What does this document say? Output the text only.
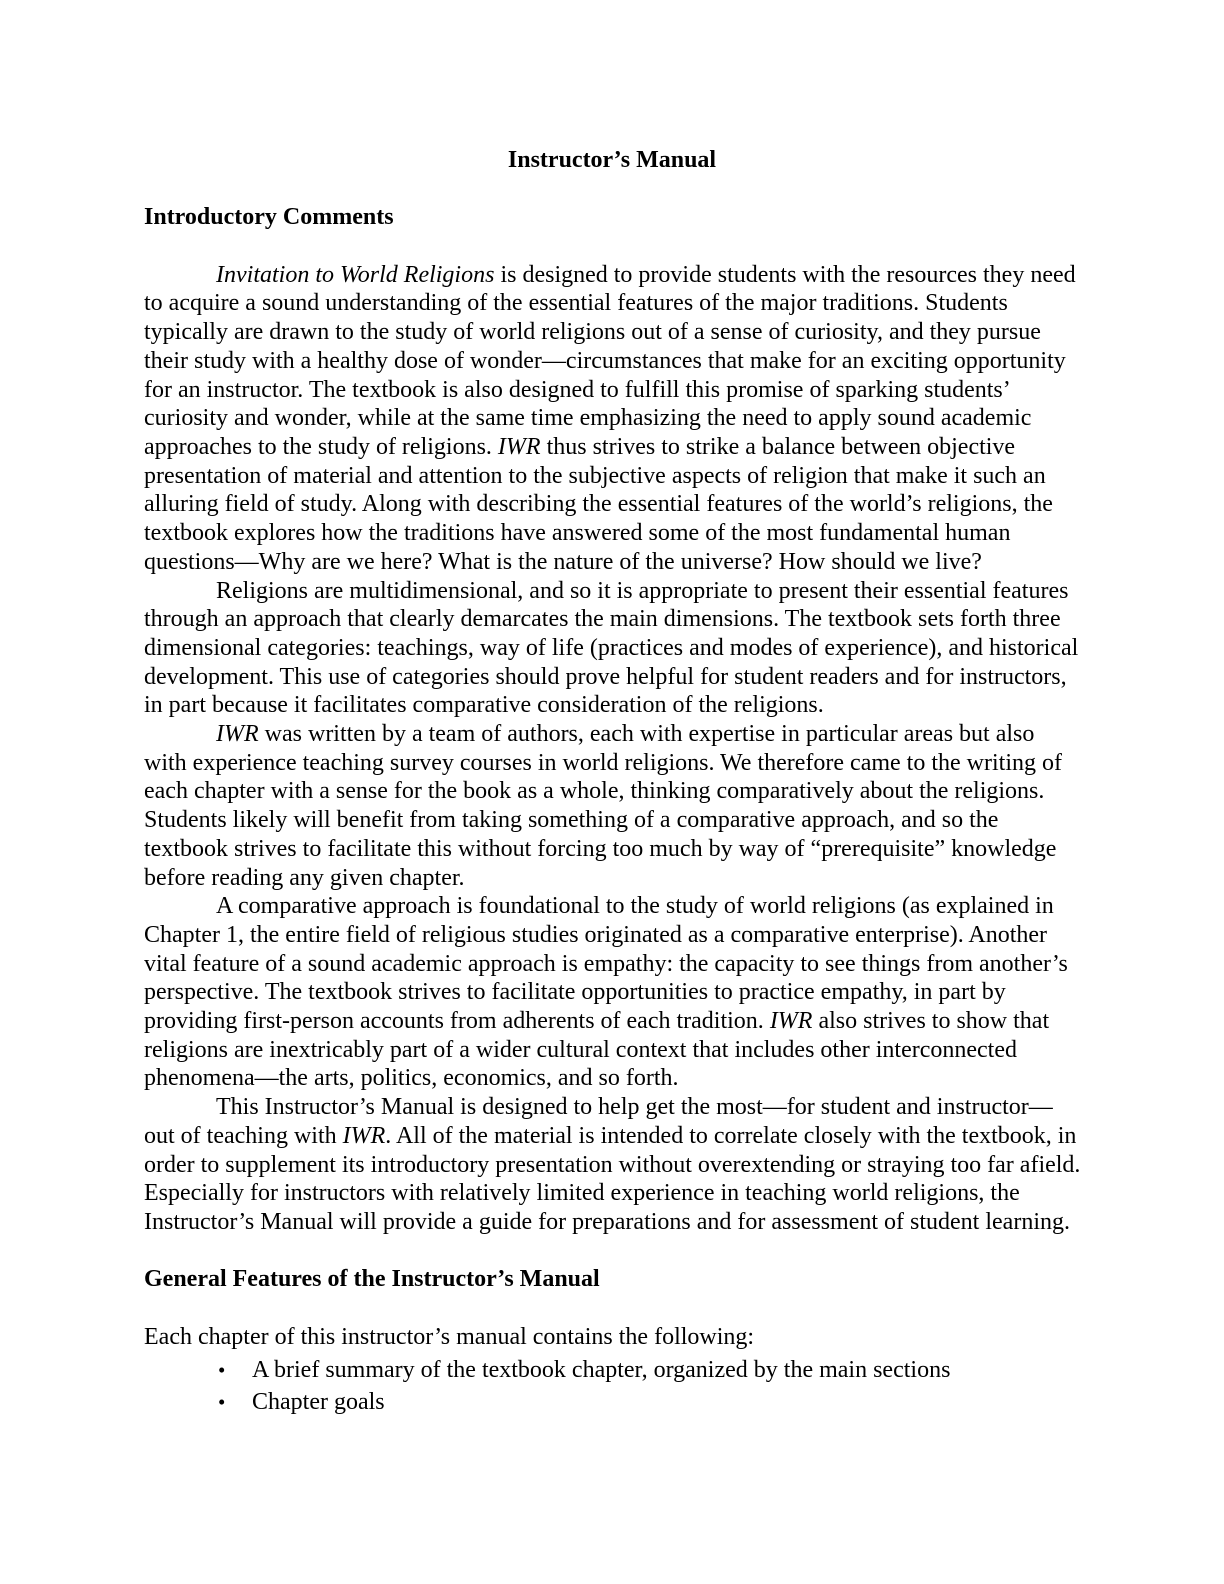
Instructor’s Manual
Introductory Comments
Invitation to World Religions is designed to provide students with the resources they need
to acquire a sound understanding of the essential features of the major traditions. Students
typically are drawn to the study of world religions out of a sense of curiosity, and they pursue
their study with a healthy dose of wonder—circumstances that make for an exciting opportunity
for an instructor. The textbook is also designed to fulfill this promise of sparking students’
curiosity and wonder, while at the same time emphasizing the need to apply sound academic
approaches to the study of religions. IWR thus strives to strike a balance between objective
presentation of material and attention to the subjective aspects of religion that make it such an
alluring field of study. Along with describing the essential features of the world’s religions, the
textbook explores how the traditions have answered some of the most fundamental human
questions—Why are we here? What is the nature of the universe? How should we live?
Religions are multidimensional, and so it is appropriate to present their essential features
through an approach that clearly demarcates the main dimensions. The textbook sets forth three
dimensional categories: teachings, way of life (practices and modes of experience), and historical
development. This use of categories should prove helpful for student readers and for instructors,
in part because it facilitates comparative consideration of the religions.
IWR was written by a team of authors, each with expertise in particular areas but also
with experience teaching survey courses in world religions. We therefore came to the writing of
each chapter with a sense for the book as a whole, thinking comparatively about the religions.
Students likely will benefit from taking something of a comparative approach, and so the
textbook strives to facilitate this without forcing too much by way of “prerequisite” knowledge
before reading any given chapter.
A comparative approach is foundational to the study of world religions (as explained in
Chapter 1, the entire field of religious studies originated as a comparative enterprise). Another
vital feature of a sound academic approach is empathy: the capacity to see things from another’s
perspective. The textbook strives to facilitate opportunities to practice empathy, in part by
providing first-person accounts from adherents of each tradition. IWR also strives to show that
religions are inextricably part of a wider cultural context that includes other interconnected
phenomena—the arts, politics, economics, and so forth.
This Instructor’s Manual is designed to help get the most—for student and instructor—
out of teaching with IWR. All of the material is intended to correlate closely with the textbook, in
order to supplement its introductory presentation without overextending or straying too far afield.
Especially for instructors with relatively limited experience in teaching world religions, the
Instructor’s Manual will provide a guide for preparations and for assessment of student learning.
General Features of the Instructor’s Manual
Each chapter of this instructor’s manual contains the following:
• A brief summary of the textbook chapter, organized by the main sections
• Chapter goals
